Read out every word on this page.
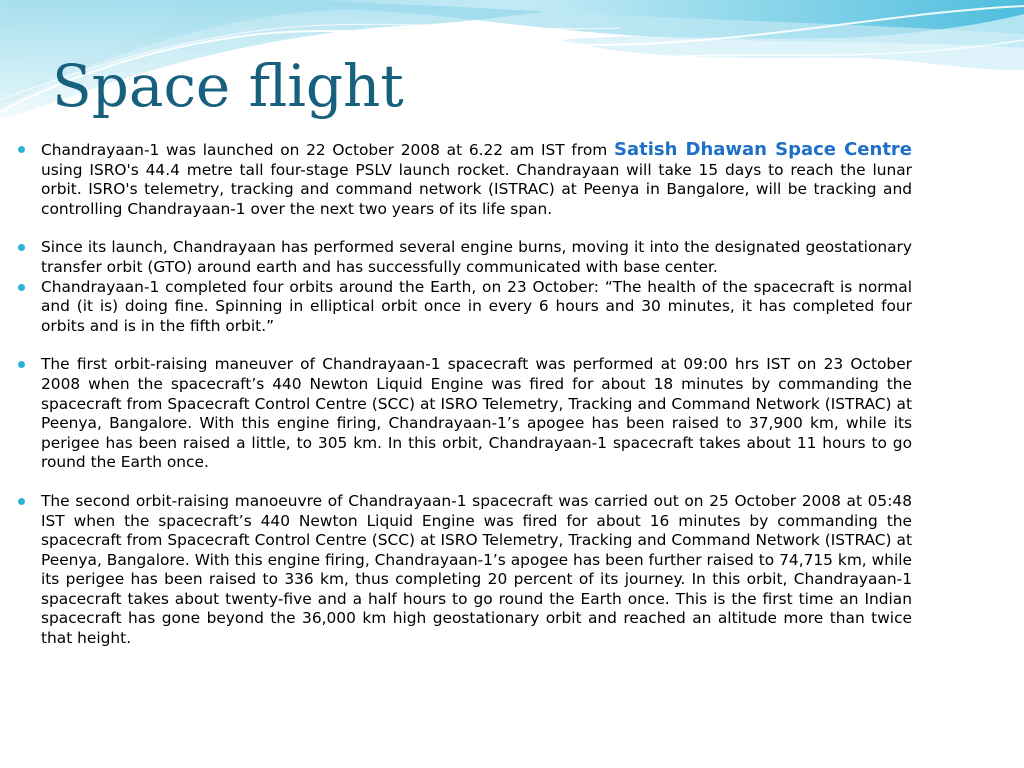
Space flight
Chandrayaan-1 was launched on 22 October 2008 at 6.22 am IST from Satish Dhawan Space Centre using ISRO's 44.4 metre tall four-stage PSLV launch rocket. Chandrayaan will take 15 days to reach the lunar orbit. ISRO's telemetry, tracking and command network (ISTRAC) at Peenya in Bangalore, will be tracking and controlling Chandrayaan-1 over the next two years of its life span.
Since its launch, Chandrayaan has performed several engine burns, moving it into the designated geostationary transfer orbit (GTO) around earth and has successfully communicated with base center.
Chandrayaan-1 completed four orbits around the Earth, on 23 October: “The health of the spacecraft is normal and (it is) doing fine. Spinning in elliptical orbit once in every 6 hours and 30 minutes, it has completed four orbits and is in the fifth orbit.”
The first orbit-raising maneuver of Chandrayaan-1 spacecraft was performed at 09:00 hrs IST on 23 October 2008 when the spacecraft’s 440 Newton Liquid Engine was fired for about 18 minutes by commanding the spacecraft from Spacecraft Control Centre (SCC) at ISRO Telemetry, Tracking and Command Network (ISTRAC) at Peenya, Bangalore. With this engine firing, Chandrayaan-1’s apogee has been raised to 37,900 km, while its perigee has been raised a little, to 305 km. In this orbit, Chandrayaan-1 spacecraft takes about 11 hours to go round the Earth once.
The second orbit-raising manoeuvre of Chandrayaan-1 spacecraft was carried out on 25 October 2008 at 05:48 IST when the spacecraft’s 440 Newton Liquid Engine was fired for about 16 minutes by commanding the spacecraft from Spacecraft Control Centre (SCC) at ISRO Telemetry, Tracking and Command Network (ISTRAC) at Peenya, Bangalore. With this engine firing, Chandrayaan-1’s apogee has been further raised to 74,715 km, while its perigee has been raised to 336 km, thus completing 20 percent of its journey. In this orbit, Chandrayaan-1 spacecraft takes about twenty-five and a half hours to go round the Earth once. This is the first time an Indian spacecraft has gone beyond the 36,000 km high geostationary orbit and reached an altitude more than twice that height.
